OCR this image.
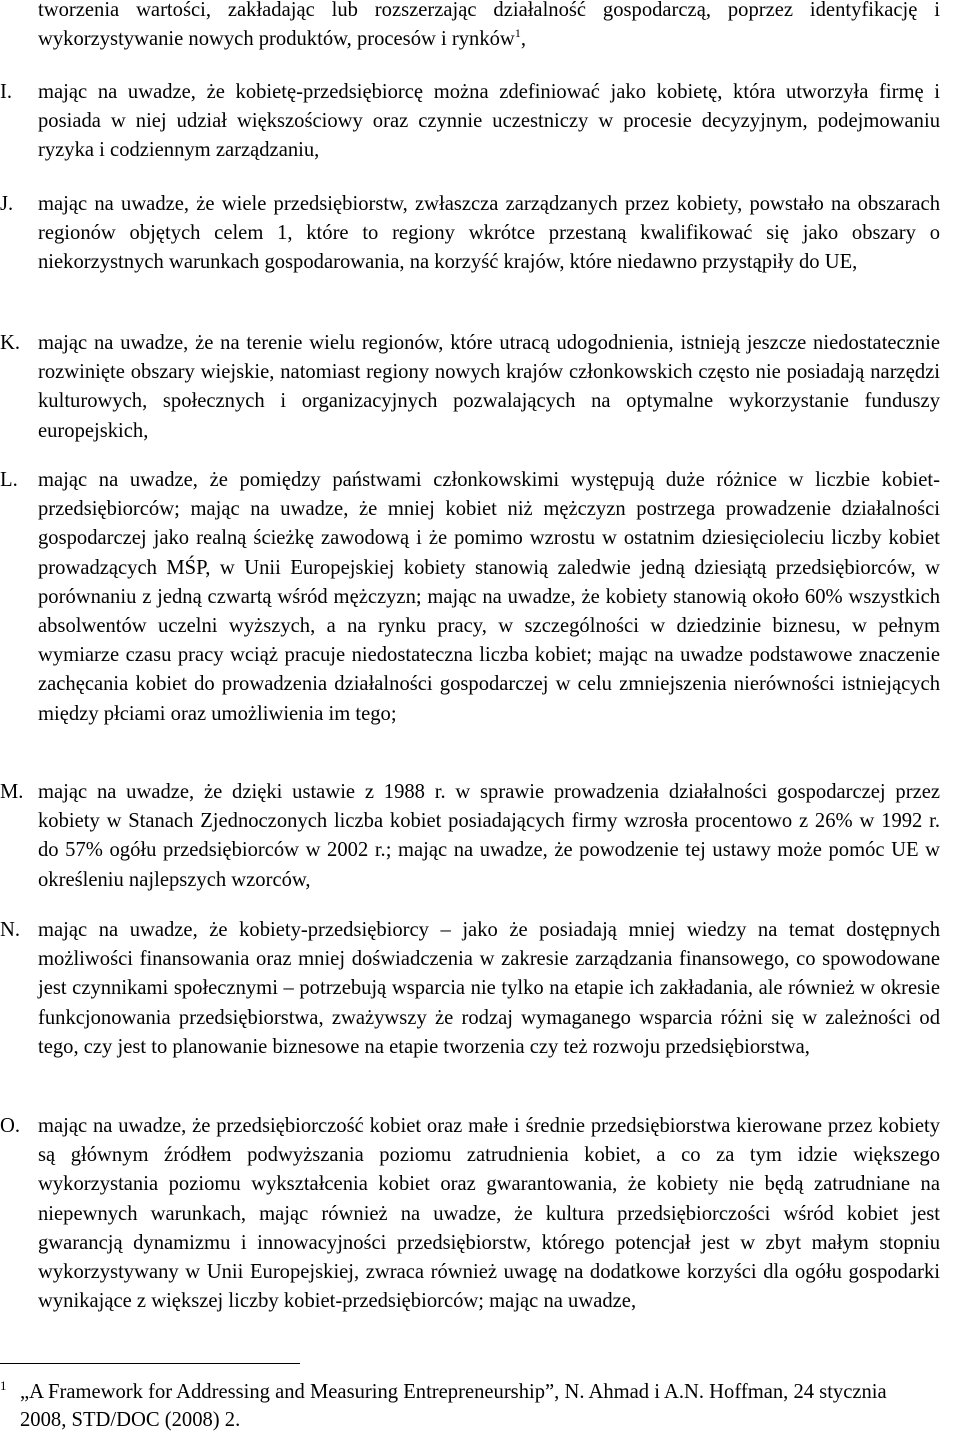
tworzenia wartości, zakładając lub rozszerzając działalność gospodarczą, poprzez identyfikację i wykorzystywanie nowych produktów, procesów i rynków$^1$,
I.	mając na uwadze, że kobietę-przedsiębiorcę można zdefiniować jako kobietę, która utworzyła firmę i posiada w niej udział większościowy oraz czynnie uczestniczy w procesie decyzyjnym, podejmowaniu ryzyka i codziennym zarządzaniu,
J.	mając na uwadze, że wiele przedsiębiorstw, zwłaszcza zarządzanych przez kobiety, powstało na obszarach regionów objętych celem 1, które to regiony wkrótce przestaną kwalifikować się jako obszary o niekorzystnych warunkach gospodarowania, na korzyść krajów, które niedawno przystąpiły do UE,
K. mając na uwadze, że na terenie wielu regionów, które utracą udogodnienia, istnieją jeszcze niedostatecznie rozwinięte obszary wiejskie, natomiast regiony nowych krajów członkowskich często nie posiadają narzędzi kulturowych, społecznych i organizacyjnych pozwalających na optymalne wykorzystanie funduszy europejskich,
L. mając na uwadze, że pomiędzy państwami członkowskimi występują duże różnice w liczbie kobiet-przedsiębiorców; mając na uwadze, że mniej kobiet niż mężczyzn postrzega prowadzenie działalności gospodarczej jako realną ścieżkę zawodową i że pomimo wzrostu w ostatnim dziesięcioleciu liczby kobiet prowadzących MŚP, w Unii Europejskiej kobiety stanowią zaledwie jedną dziesiątą przedsiębiorców, w porównaniu z jedną czwartą wśród mężczyzn; mając na uwadze, że kobiety stanowią około 60% wszystkich absolwentów uczelni wyższych, a na rynku pracy, w szczególności w dziedzinie biznesu, w pełnym wymiarze czasu pracy wciąż pracuje niedostateczna liczba kobiet; mając na uwadze podstawowe znaczenie zachęcania kobiet do prowadzenia działalności gospodarczej w celu zmniejszenia nierówności istniejących między płciami oraz umożliwienia im tego;
M. mając na uwadze, że dzięki ustawie z 1988 r. w sprawie prowadzenia działalności gospodarczej przez kobiety w Stanach Zjednoczonych liczba kobiet posiadających firmy wzrosła procentowo z 26% w 1992 r. do 57% ogółu przedsiębiorców w 2002 r.; mając na uwadze, że powodzenie tej ustawy może pomóc UE w określeniu najlepszych wzorców,
N. mając na uwadze, że kobiety-przedsiębiorcy – jako że posiadają mniej wiedzy na temat dostępnych możliwości finansowania oraz mniej doświadczenia w zakresie zarządzania finansowego, co spowodowane jest czynnikami społecznymi – potrzebują wsparcia nie tylko na etapie ich zakładania, ale również w okresie funkcjonowania przedsiębiorstwa, zważywszy że rodzaj wymaganego wsparcia różni się w zależności od tego, czy jest to planowanie biznesowe na etapie tworzenia czy też rozwoju przedsiębiorstwa,
O. mając na uwadze, że przedsiębiorczość kobiet oraz małe i średnie przedsiębiorstwa kierowane przez kobiety są głównym źródłem podwyższania poziomu zatrudnienia kobiet, a co za tym idzie większego wykorzystania poziomu wykształcenia kobiet oraz gwarantowania, że kobiety nie będą zatrudniane na niepewnych warunkach, mając również na uwadze, że kultura przedsiębiorczości wśród kobiet jest gwarancją dynamizmu i innowacyjności przedsiębiorstw, którego potencjał jest w zbyt małym stopniu wykorzystywany w Unii Europejskiej, zwraca również uwagę na dodatkowe korzyści dla ogółu gospodarki wynikające z większej liczby kobiet-przedsiębiorców; mając na uwadze,
1 „A Framework for Addressing and Measuring Entrepreneurship”, N. Ahmad i A.N. Hoffman, 24 stycznia 2008, STD/DOC (2008) 2.
